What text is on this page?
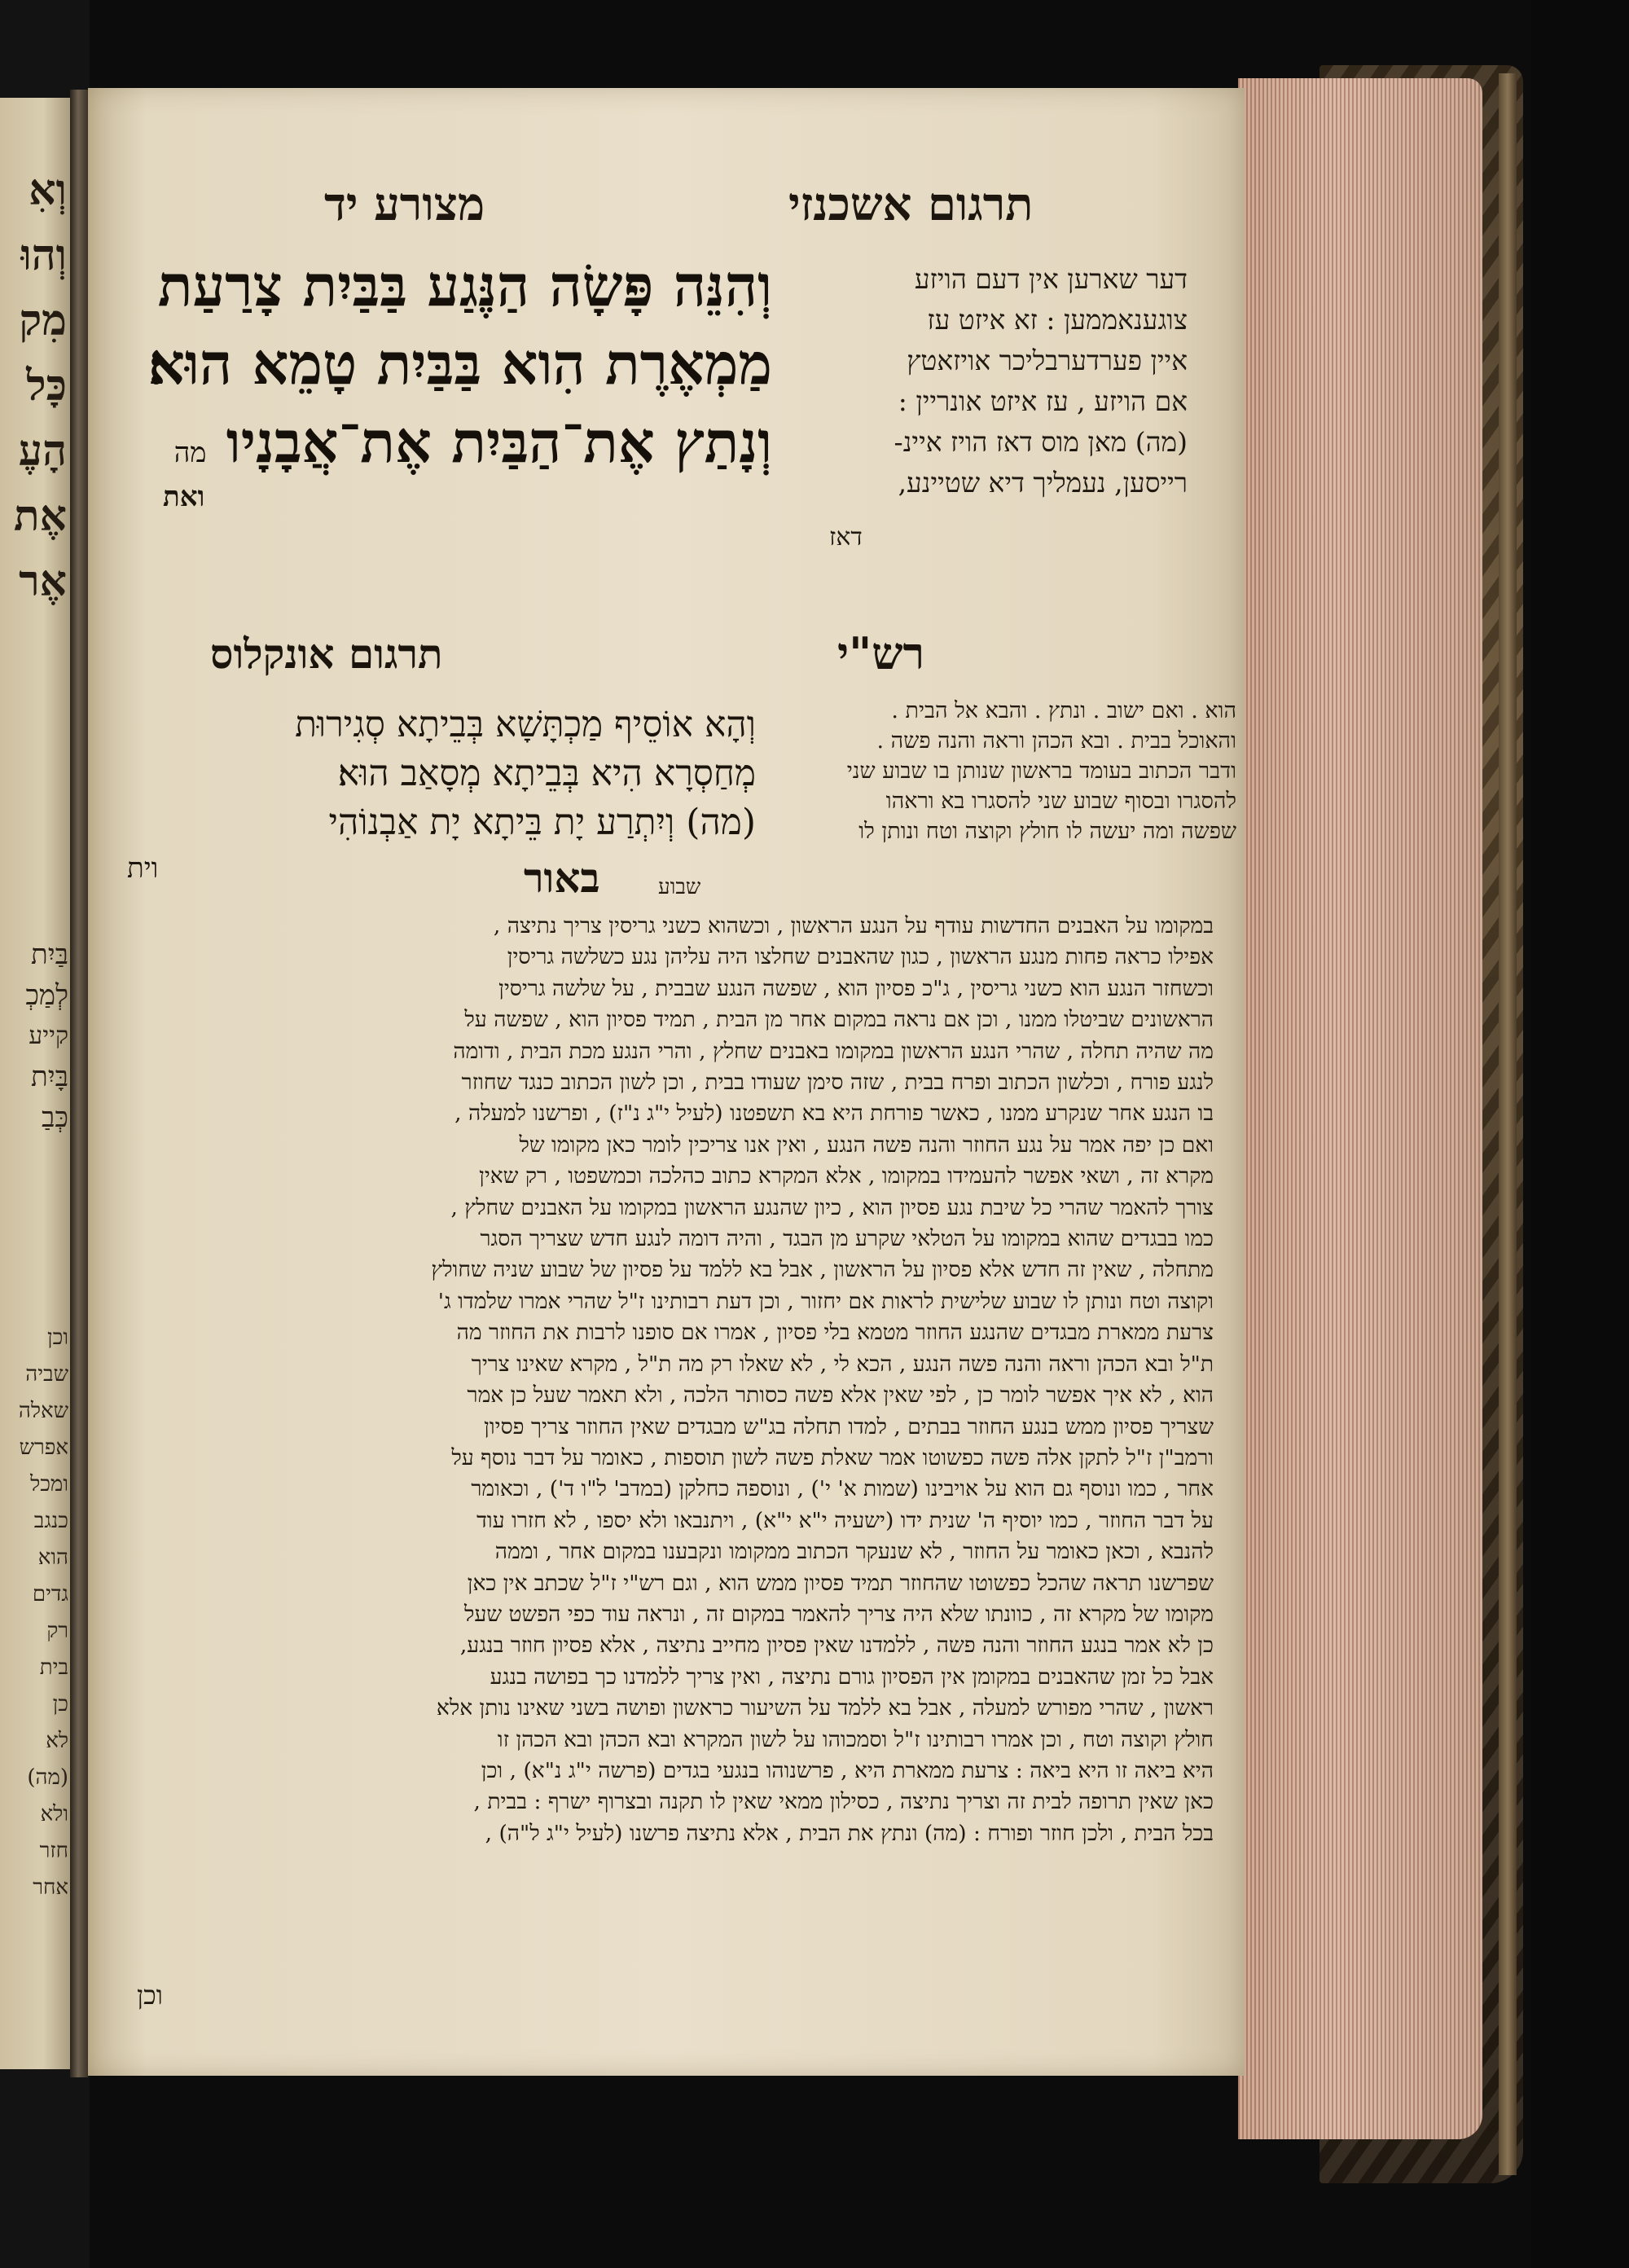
וְאִ
וְהוּ
מִק
כָּל
הָעֶ
אֶת
אֶר
בַּיִת
לְמַכְ
קייע
בָּיִת
כְּבַ
וכן
שביה
שאלה
אפרש
ומכל
כנגב
הוא
גדים
רק
בית
כן
לא
(מה)
ולא
חזר
אחר
תרגום אשכנזי
מצורע יד
וְהִנֵּה פָּשָׂה הַנֶּגַע בַּבַּיִת צָרַעַת
מַמְאֶרֶת הִוא בַּבַּיִת טָמֵא הוּא׃
וְנָתַץ אֶת־הַבַּיִת אֶת־אֲבָנָיו מה
ואת
דער שארען אין דעם הויזע
צוגענאממען : זא איזט עז
איין פערדערבליכר אויזאטץ
אם הויזע , עז איזט אונריין :
(מה) מאן מוס דאז הויז איינ-
רייסען, נעמליך דיא שטיינע,
דאז
תרגום אונקלוס	רש"י
וְהָא אוֹסֵיף מַכְתָּשָׁא בְּבֵיתָא סְגִירוּת
מְחַסְרָא הִיא בְּבֵיתָא מְסָאַב הוּא׃
(מה) וְיִתְרַע יָת בֵּיתָא יָת אַבְנוֹהִי
וית
הוא . ואם ישוב . ונתץ . והבא אל הבית .
והאוכל בבית . ובא הכהן וראה והנה פשה .
ודבר הכתוב בעומד בראשון שנותן בו שבוע שני
להסגרו ובסוף שבוע שני להסגרו בא וראהו
שפשה ומה יעשה לו חולץ וקוצה וטח ונותן לו
שבוע
באור
במקומו על האבנים החדשות עודף על הנגע הראשון , וכשהוא כשני גריסין צריך נתיצה ,
אפילו כראה פחות מנגע הראשון , כגון שהאבנים שחלצו היה עליהן נגע כשלשה גריסין
וכשחזר הנגע הוא כשני גריסין , ג"כ פסיון הוא , שפשה הנגע שבבית , על שלשה גריסין
הראשונים שביטלו ממנו , וכן אם נראה במקום אחר מן הבית , תמיד פסיון הוא , שפשה על
מה שהיה תחלה , שהרי הנגע הראשון במקומו באבנים שחלץ , והרי הנגע מכת הבית , ודומה
לנגע פורח , וכלשון הכתוב ופרח בבית , שזה סימן שעודו בבית , וכן לשון הכתוב כנגד שחוזר
בו הנגע אחר שנקרע ממנו , כאשר פורחת היא בא תשפטנו (לעיל י"ג נ"ז) , ופרשנו למעלה ,
ואם כן יפה אמר על נגע החוזר והנה פשה הנגע , ואין אנו צריכין לומר כאן מקומו של
מקרא זה , ושאי אפשר להעמידו במקומו , אלא המקרא כתוב כהלכה וכמשפטו , רק שאין
צורך להאמר שהרי כל שיבת נגע פסיון הוא , כיון שהנגע הראשון במקומו על האבנים שחלץ ,
כמו בבגדים שהוא במקומו על הטלאי שקרע מן הבגד , והיה דומה לנגע חדש שצריך הסגר
מתחלה , שאין זה חדש אלא פסיון על הראשון , אבל בא ללמד על פסיון של שבוע שניה שחולץ
וקוצה וטח ונותן לו שבוע שלישית לראות אם יחזור , וכן דעת רבותינו ז"ל שהרי אמרו שלמדו ג'
צרעת ממארת מבגדים שהנגע החוזר מטמא בלי פסיון , אמרו אם סופנו לרבות את החוזר מה
ת"ל ובא הכהן וראה והנה פשה הנגע , הכא לי , לא שאלו רק מה ת"ל , מקרא שאינו צריך
הוא , לא איך אפשר לומר כן , לפי שאין אלא פשה כסותר הלכה , ולא תאמר שעל כן אמר
שצריך פסיון ממש בנגע החוזר בבתים , למדו תחלה בג"ש מבגדים שאין החוזר צריך פסיון
ורמב"ן ז"ל לתקן אלה פשה כפשוטו אמר שאלת פשה לשון תוספות , כאומר על דבר נוסף על
אחר , כמו ונוסף גם הוא על אויבינו (שמות א' י') , ונוספה כחלקן (במדב' ל"ו ד') , וכאומר
על דבר החוזר , כמו יוסיף ה' שנית ידו (ישעיה י"א י"א) , ויתנבאו ולא יספו , לא חזרו עוד
להנבא , וכאן כאומר על החוזר , לא שנעקר הכתוב ממקומו ונקבענו במקום אחר , וממה
שפרשנו תראה שהכל כפשוטו שהחוזר תמיד פסיון ממש הוא , וגם רש"י ז"ל שכתב אין כאן
מקומו של מקרא זה , כוונתו שלא היה צריך להאמר במקום זה , ונראה עוד כפי הפשט שעל
כן לא אמר בנגע החוזר והנה פשה , ללמדנו שאין פסיון מחייב נתיצה , אלא פסיון חוזר בנגע,
אבל כל זמן שהאבנים במקומן אין הפסיון גורם נתיצה , ואין צריך ללמדנו כך בפושה בנגע
ראשון , שהרי מפורש למעלה , אבל בא ללמד על השיעור כראשון ופושה בשני שאינו נותן אלא
חולץ וקוצה וטח , וכן אמרו רבותינו ז"ל וסמכוהו על לשון המקרא ובא הכהן ובא הכהן זו
היא ביאה זו היא ביאה : צרעת ממארת היא , פרשנוהו בנגעי בגדים (פרשה י"ג נ"א) , וכן
כאן שאין תרופה לבית זה וצריך נתיצה , כסילון ממאי שאין לו תקנה ובצרוף ישרף : בבית ,
בכל הבית , ולכן חוזר ופורח : (מה) ונתץ את הבית , אלא נתיצה פרשנו (לעיל י"ג ל"ה) ,
וכן
